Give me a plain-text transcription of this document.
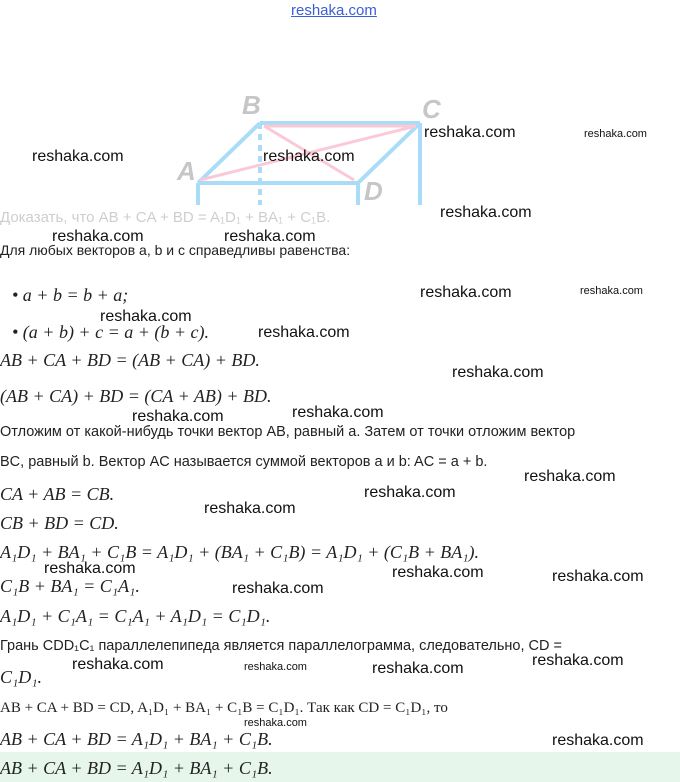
reshaka.com
A
B	C
D
Доказать, что AB + CA + BD = A₁D₁ + BA₁ + C₁B.
Для любых векторов a, b и c справедливы равенства:
• a + b = b + a;
• (a + b) + c = a + (b + c).
AB + CA + BD = (AB + CA) + BD.
(AB + CA) + BD = (CA + AB) + BD.
Отложим от какой-нибудь точки вектор AB, равный a. Затем от точки отложим вектор
BC, равный b. Вектор AC называется суммой векторов a и b: AC = a + b.
CA + AB = CB.
CB + BD = CD.
A₁D₁ + BA₁ + C₁B = A₁D₁ + (BA₁ + C₁B) = A₁D₁ + (C₁B + BA₁).
C₁B + BA₁ = C₁A₁.
A₁D₁ + C₁A₁ = C₁A₁ + A₁D₁ = C₁D₁.
Грань CDD₁C₁ параллелепипеда является параллелограмма, следовательно, CD =
C₁D₁.
AB + CA + BD = CD, A₁D₁ + BA₁ + C₁B = C₁D₁. Так как CD = C₁D₁, то
AB + CA + BD = A₁D₁ + BA₁ + C₁B.
AB + CA + BD = A₁D₁ + BA₁ + C₁B.
reshaka.com	reshaka.com
reshaka.com	reshaka.com
reshaka.com
reshaka.com	reshaka.com
reshaka.com	reshaka.com
reshaka.com
reshaka.com
reshaka.com
reshaka.com	reshaka.com
reshaka.com
reshaka.com
reshaka.com
reshaka.com	reshaka.com	reshaka.com
reshaka.com
reshaka.com
reshaka.com	reshaka.com	reshaka.com
reshaka.com
reshaka.com
